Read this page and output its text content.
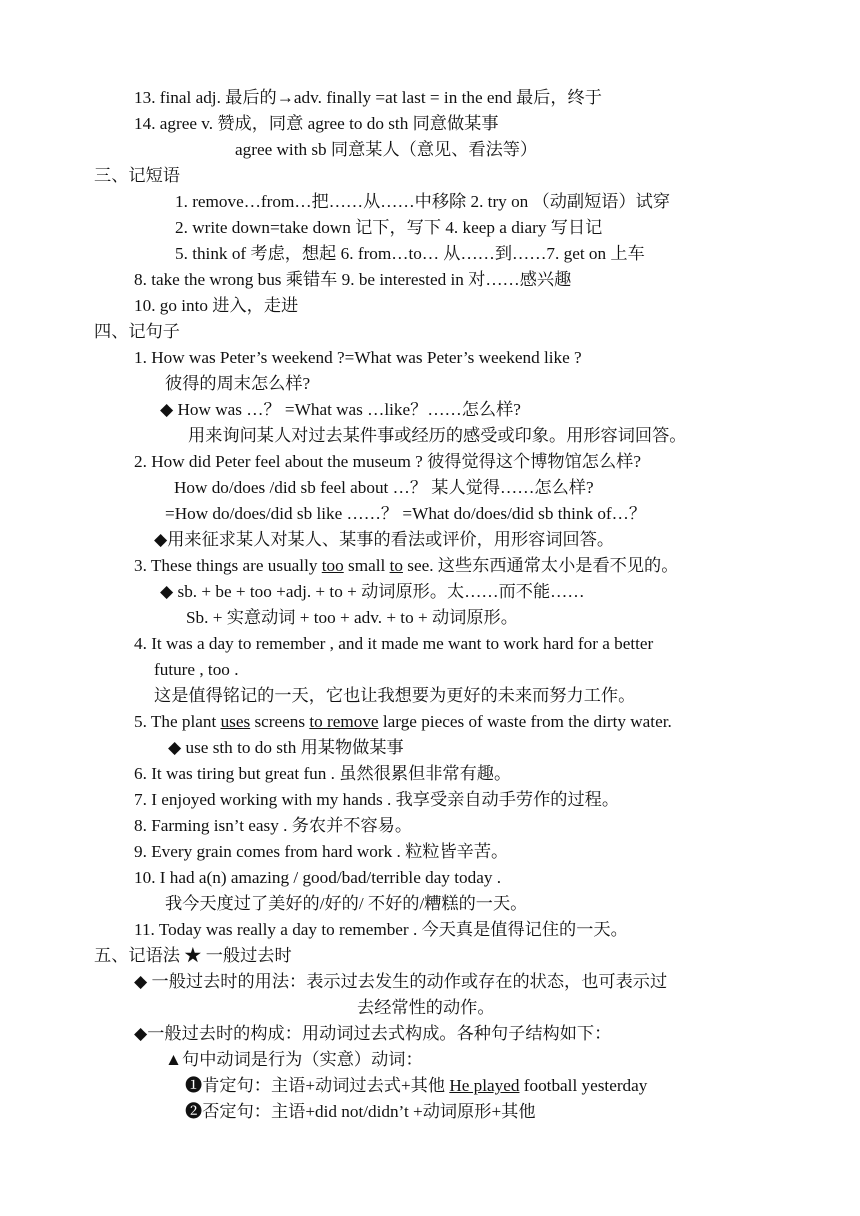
13. final adj. 最后的→adv. finally =at last = in the end 最后，终于
14. agree v. 赞成，同意 agree to do sth 同意做某事
agree with sb 同意某人（意见、看法等）
三、记短语
1. remove…from…把……从……中移除 2. try on （动副短语）试穿
2. write down=take down 记下，写下 4. keep a diary 写日记
5. think of 考虑，想起 6. from…to… 从……到……7. get on 上车
8. take the wrong bus 乘错车 9. be interested in 对……感兴趣
10. go into 进入，走进
四、记句子
1. How was Peter’s weekend ?=What was Peter’s weekend like ?
彼得的周末怎么样?
◆ How was …？ =What was …like？……怎么样?
用来询问某人对过去某件事或经历的感受或印象。用形容词回答。
2. How did Peter feel about the museum ? 彼得觉得这个博物馆怎么样?
How do/does /did sb feel about …？ 某人觉得……怎么样?
=How do/does/did sb like ……？ =What do/does/did sb think of…？
◆用来征求某人对某人、某事的看法或评价，用形容词回答。
3. These things are usually too small to see. 这些东西通常太小是看不见的。
◆ sb. + be + too +adj. + to + 动词原形。太……而不能……
Sb. + 实意动词 + too + adv. + to + 动词原形。
4. It was a day to remember , and it made me want to work hard for a better
future , too .
这是值得铭记的一天，它也让我想要为更好的未来而努力工作。
5. The plant uses screens to remove large pieces of waste from the dirty water.
◆ use sth to do sth 用某物做某事
6. It was tiring but great fun . 虽然很累但非常有趣。
7. I enjoyed working with my hands . 我享受亲自动手劳作的过程。
8. Farming isn’t easy . 务农并不容易。
9. Every grain comes from hard work . 粒粒皆辛苦。
10. I had a(n) amazing / good/bad/terrible day today .
我今天度过了美好的/好的/ 不好的/糟糕的一天。
11. Today was really a day to remember . 今天真是值得记住的一天。
五、记语法 ★ 一般过去时
◆ 一般过去时的用法：表示过去发生的动作或存在的状态，也可表示过
去经常性的动作。
◆一般过去时的构成：用动词过去式构成。各种句子结构如下：
▲句中动词是行为（实意）动词：
❶肯定句：主语+动词过去式+其他 He played football yesterday
❷否定句：主语+did not/didn’t +动词原形+其他
